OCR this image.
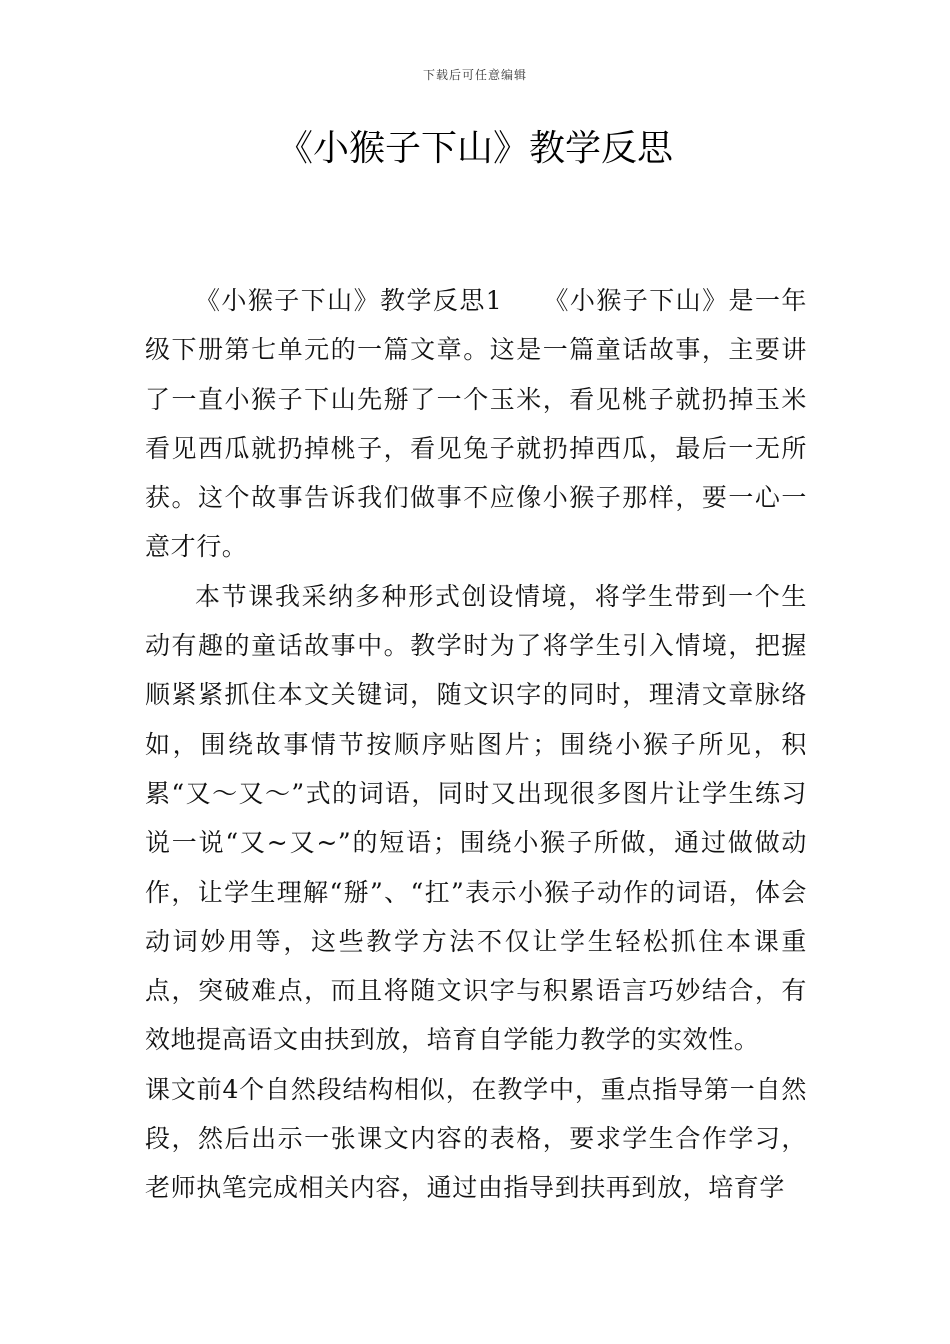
下载后可任意编辑
《小猴子下山》教学反思

《小猴子下山》教学反思1　　《小猴子下山》是一年级下册第七单元的一篇文章。这是一篇童话故事，主要讲了一直小猴子下山先掰了一个玉米，看见桃子就扔掉玉米看见西瓜就扔掉桃子，看见兔子就扔掉西瓜，最后一无所获。这个故事告诉我们做事不应像小猴子那样，要一心一意才行。

本节课我采纳多种形式创设情境，将学生带到一个生动有趣的童话故事中。教学时为了将学生引入情境，把握顺紧紧抓住本文关键词，随文识字的同时，理清文章脉络如，围绕故事情节按顺序贴图片；围绕小猴子所见，积累“又～又～”式的词语，同时又出现很多图片让学生练习说一说“又~又~”的短语；围绕小猴子所做，通过做做动作，让学生理解“掰”、“扛”表示小猴子动作的词语，体会动词妙用等，这些教学方法不仅让学生轻松抓住本课重点，突破难点，而且将随文识字与积累语言巧妙结合，有效地提高语文由扶到放，培育自学能力教学的实效性。

课文前4个自然段结构相似，在教学中，重点指导第一自然段，然后出示一张课文内容的表格，要求学生合作学习，老师执笔完成相关内容，通过由指导到扶再到放，培育学
